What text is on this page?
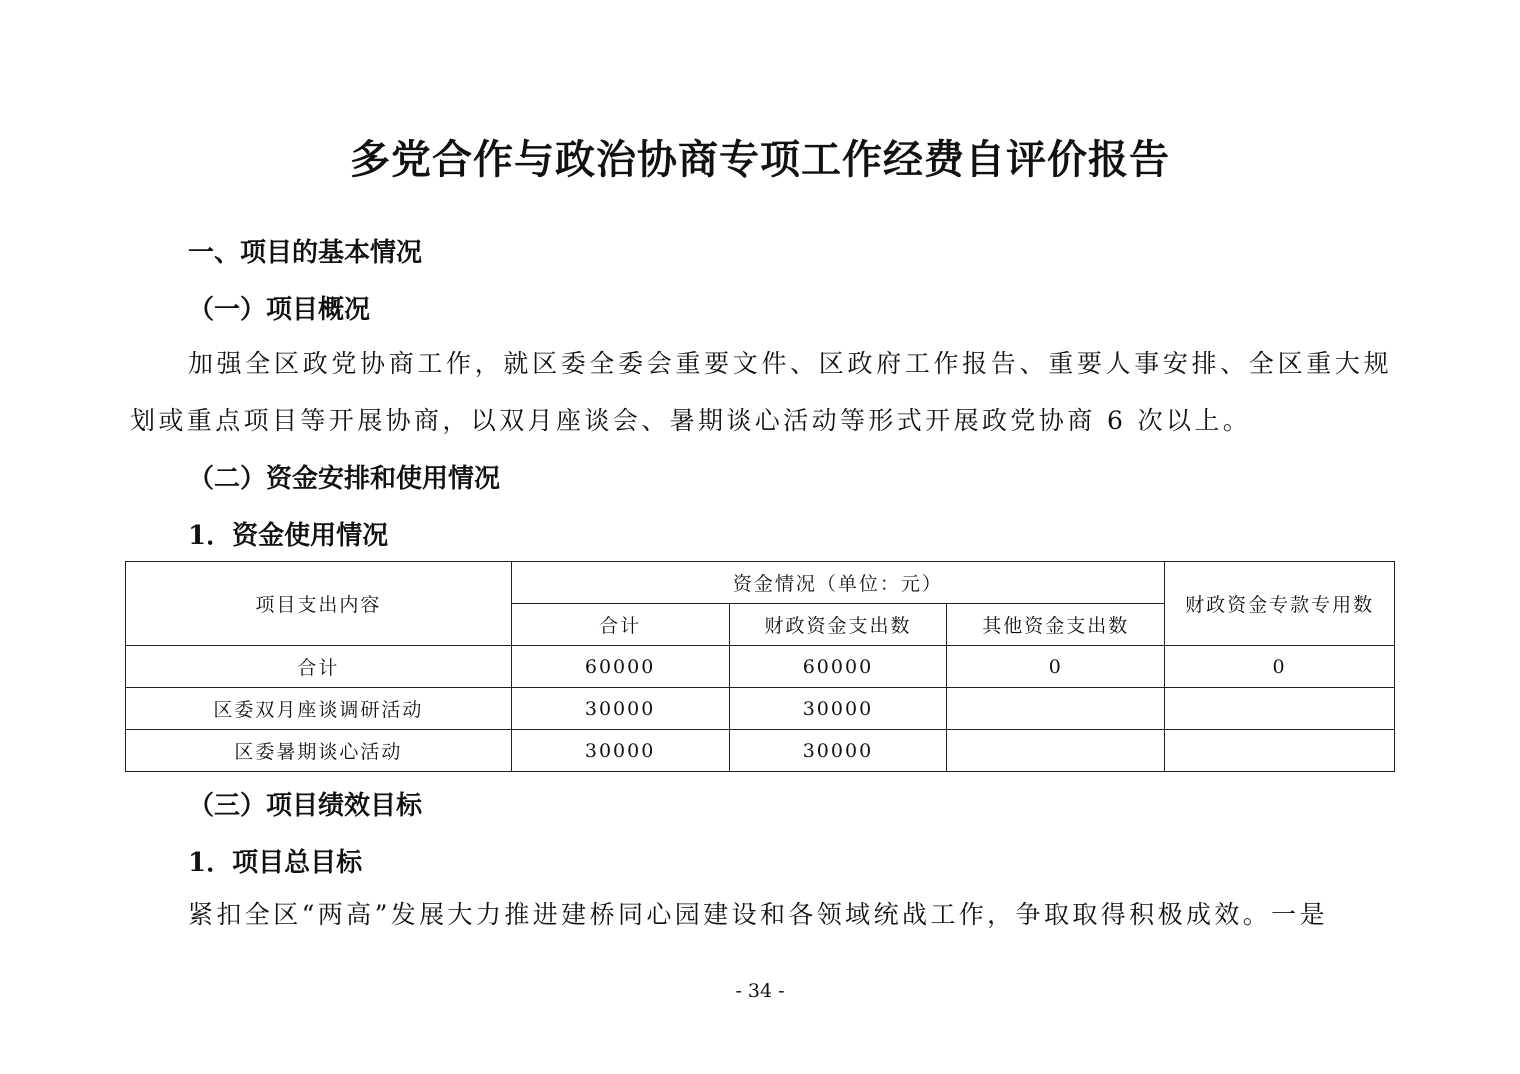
多党合作与政治协商专项工作经费自评价报告
一、项目的基本情况
（一）项目概况
加强全区政党协商工作，就区委全委会重要文件、区政府工作报告、重要人事安排、全区重大规划或重点项目等开展协商，以双月座谈会、暑期谈心活动等形式开展政党协商 6 次以上。
（二）资金安排和使用情况
1．资金使用情况
项目支出内容	资金情况（单位：元）			财政资金专款专用数
	合计	财政资金支出数	其他资金支出数	
合计	60000	60000	0	0
区委双月座谈调研活动	30000	30000		
区委暑期谈心活动	30000	30000		
（三）项目绩效目标
1．项目总目标
紧扣全区“两高”发展大力推进建桥同心园建设和各领域统战工作，争取取得积极成效。一是
- 34 -
